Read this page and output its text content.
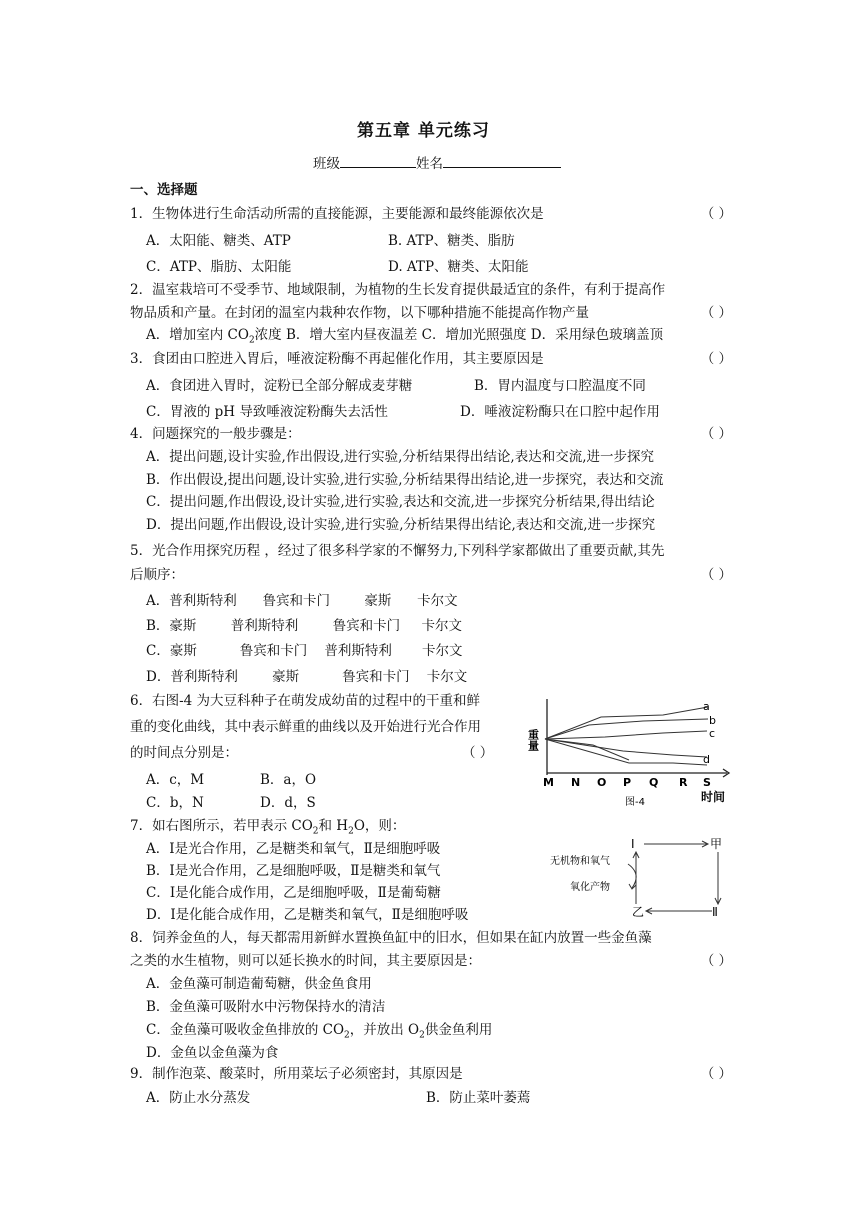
第五章 单元练习
班级	姓名
一、选择题
1．生物体进行生命活动所需的直接能源，主要能源和最终能源依次是	（ ）
A．太阳能、糖类、ATP	B. ATP、糖类、脂肪
C．ATP、脂肪、太阳能	D. ATP、糖类、太阳能
2．温室栽培可不受季节、地域限制，为植物的生长发育提供最适宜的条件，有利于提高作
物品质和产量。在封闭的温室内栽种农作物，以下哪种措施不能提高作物产量	（ ）
A．增加室内 $CO_2$浓度 B．增大室内昼夜温差 C．增加光照强度 D．采用绿色玻璃盖顶
3．食团由口腔进入胃后，唾液淀粉酶不再起催化作用，其主要原因是	（ ）
A．食团进入胃时，淀粉已全部分解成麦芽糖	B．胃内温度与口腔温度不同
C．胃液的 pH 导致唾液淀粉酶失去活性	D．唾液淀粉酶只在口腔中起作用
4．问题探究的一般步骤是：	（ ）
A．提出问题,设计实验,作出假设,进行实验,分析结果得出结论,表达和交流,进一步探究
B．作出假设,提出问题,设计实验,进行实验,分析结果得出结论,进一步探究，表达和交流
C．提出问题,作出假设,设计实验,进行实验,表达和交流,进一步探究分析结果,得出结论
D．提出问题,作出假设,设计实验,进行实验,分析结果得出结论,表达和交流,进一步探究
5．光合作用探究历程 ，经过了很多科学家的不懈努力,下列科学家都做出了重要贡献,其先
后顺序：	（ ）
A．普利斯特利      鲁宾和卡门        豪斯      卡尔文
B．豪斯        普利斯特利        鲁宾和卡门     卡尔文
C．豪斯          鲁宾和卡门    普利斯特利       卡尔文
D．普利斯特利        豪斯          鲁宾和卡门    卡尔文
6．右图-4 为大豆科种子在萌发成幼苗的过程中的干重和鲜
重的变化曲线，其中表示鲜重的曲线以及开始进行光合作用
的时间点分别是：	（ ）
A．c，M	B．a，O
C．b，N	D．d，S
a
b
c
d
重量
M N O P Q R S
时间
图-4
7．如右图所示，若甲表示 $CO_2$和 $H_2O$，则：
A．Ⅰ是光合作用，乙是糖类和氧气，Ⅱ是细胞呼吸
B．Ⅰ是光合作用，乙是细胞呼吸，Ⅱ是糖类和氧气
C．Ⅰ是化能合成作用，乙是细胞呼吸，Ⅱ是葡萄糖
D．Ⅰ是化能合成作用，乙是糖类和氧气，Ⅱ是细胞呼吸
Ⅰ	甲
Ⅱ
乙
无机物和氧气
氧化产物
8．饲养金鱼的人，每天都需用新鲜水置换鱼缸中的旧水，但如果在缸内放置一些金鱼藻
之类的水生植物，则可以延长换水的时间，其主要原因是：	（ ）
A．金鱼藻可制造葡萄糖，供金鱼食用
B．金鱼藻可吸附水中污物保持水的清洁
C．金鱼藻可吸收金鱼排放的 $CO_2$，并放出 $O_2$供金鱼利用
D．金鱼以金鱼藻为食
9．制作泡菜、酸菜时，所用菜坛子必须密封，其原因是	（ ）
A．防止水分蒸发	B．防止菜叶萎蔫
